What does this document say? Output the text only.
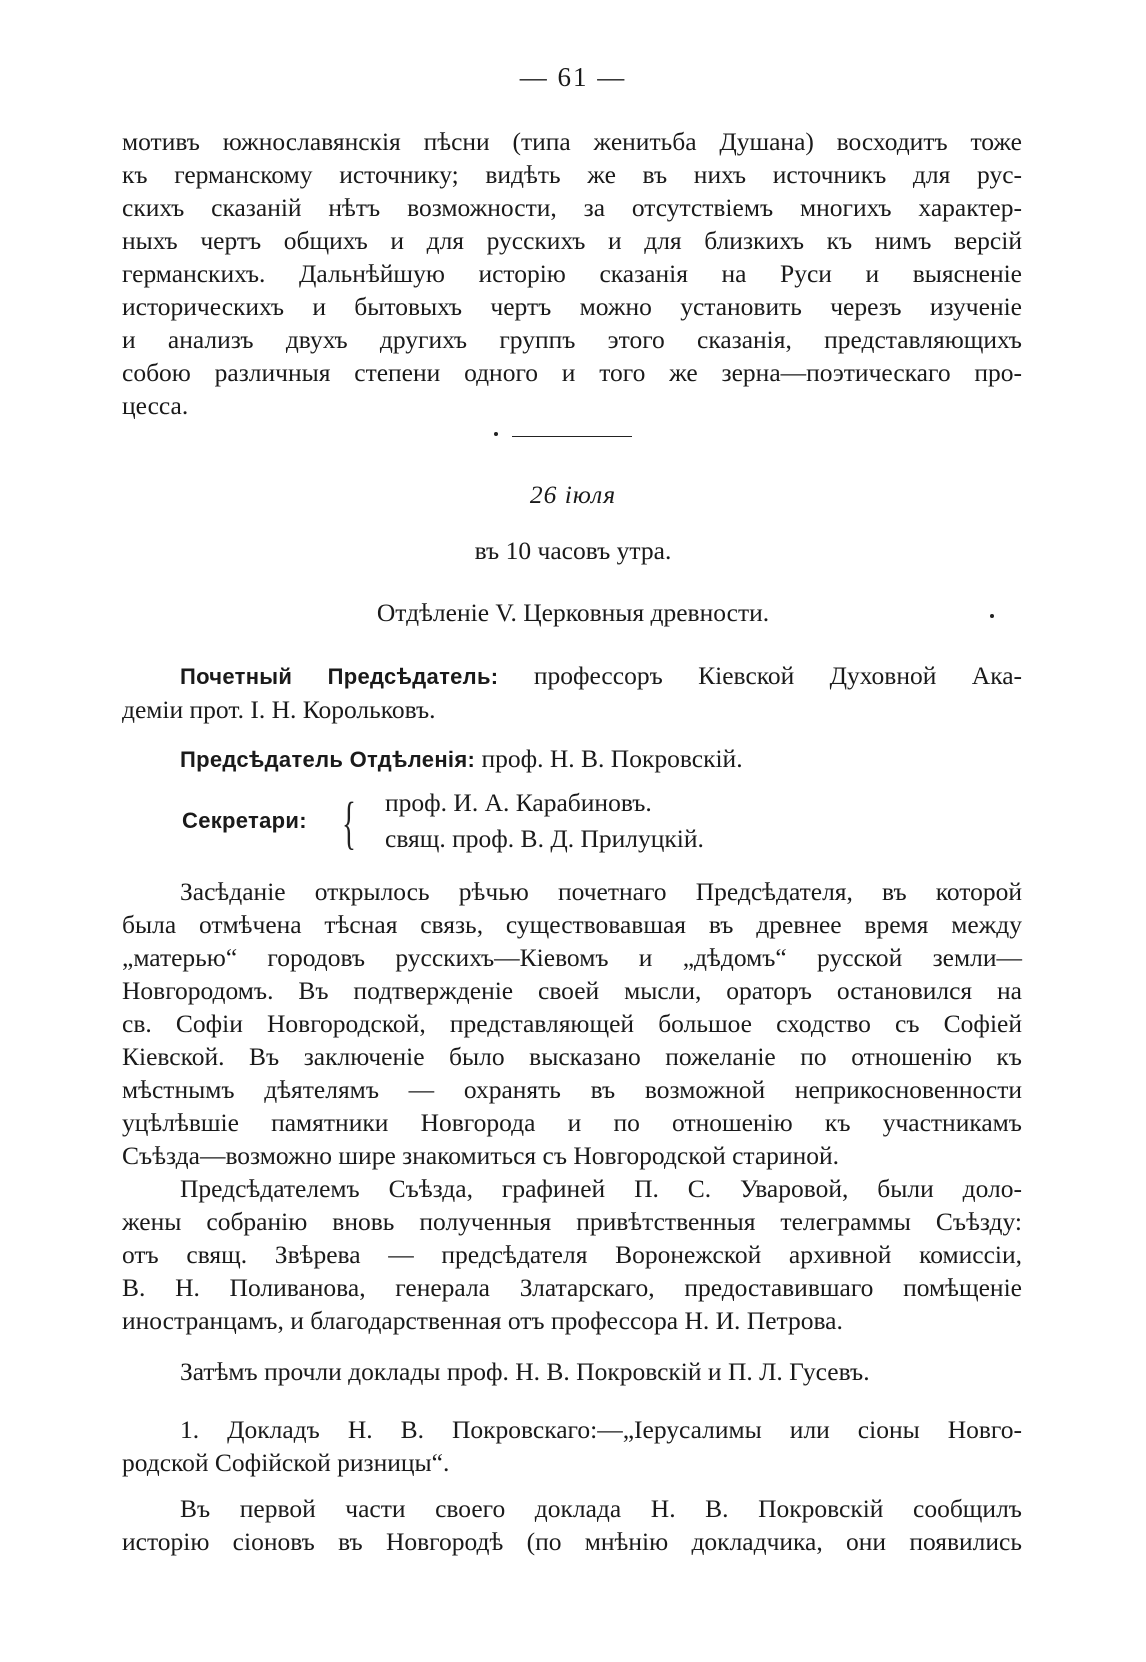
— 61 —

мотивъ южнославянскія пѣсни (типа женитьба Душана) восходитъ тоже

къ германскому источнику; видѣть же въ нихъ источникъ для рус-

скихъ сказаній нѣтъ возможности, за отсутствіемъ многихъ характер-

ныхъ чертъ общихъ и для русскихъ и для близкихъ къ нимъ версій

германскихъ. Дальнѣйшую исторію сказанія на Руси и выясненіе

историческихъ и бытовыхъ чертъ можно установить черезъ изученіе

и анализъ двухъ другихъ группъ этого сказанія, представляющихъ

собою различныя степени одного и того же зерна—поэтическаго про-

цесса.

26 іюля
въ 10 часовъ утра.
Отдѣленіе V. Церковныя древности.

Почетный Предсѣдатель: профессоръ Кіевской Духовной Ака-

деміи прот. І. Н. Корольковъ.

Предсѣдатель Отдѣленія: проф. Н. В. Покровскій.

Секретари: { проф. И. А. Карабиновъ.
свящ. проф. В. Д. Прилуцкій.

Засѣданіе открылось рѣчью почетнаго Предсѣдателя, въ которой

была отмѣчена тѣсная связь, существовавшая въ древнее время между

„матерью“ городовъ русскихъ—Кіевомъ и „дѣдомъ“ русской земли—

Новгородомъ. Въ подтвержденіе своей мысли, ораторъ остановился на

св. Софіи Новгородской, представляющей большое сходство съ Софіей

Кіевской. Въ заключеніе было высказано пожеланіе по отношенію къ

мѣстнымъ дѣятелямъ — охранять въ возможной неприкосновенности

уцѣлѣвшіе памятники Новгорода и по отношенію къ участникамъ

Съѣзда—возможно шире знакомиться съ Новгородской стариной.

Предсѣдателемъ Съѣзда, графиней П. С. Уваровой, были доло-

жены собранію вновь полученныя привѣтственныя телеграммы Съѣзду:

отъ свящ. Звѣрева — предсѣдателя Воронежской архивной комиссіи,

В. Н. Поливанова, генерала Златарскаго, предоставившаго помѣщеніе

иностранцамъ, и благодарственная отъ профессора Н. И. Петрова.

Затѣмъ прочли доклады проф. Н. В. Покровскій и П. Л. Гусевъ.

1. Докладъ Н. В. Покровскаго:—„Іерусалимы или сіоны Новго-

родской Софійской ризницы“.

Въ первой части своего доклада Н. В. Покровскій сообщилъ

исторію сіоновъ въ Новгородѣ (по мнѣнію докладчика, они появились
